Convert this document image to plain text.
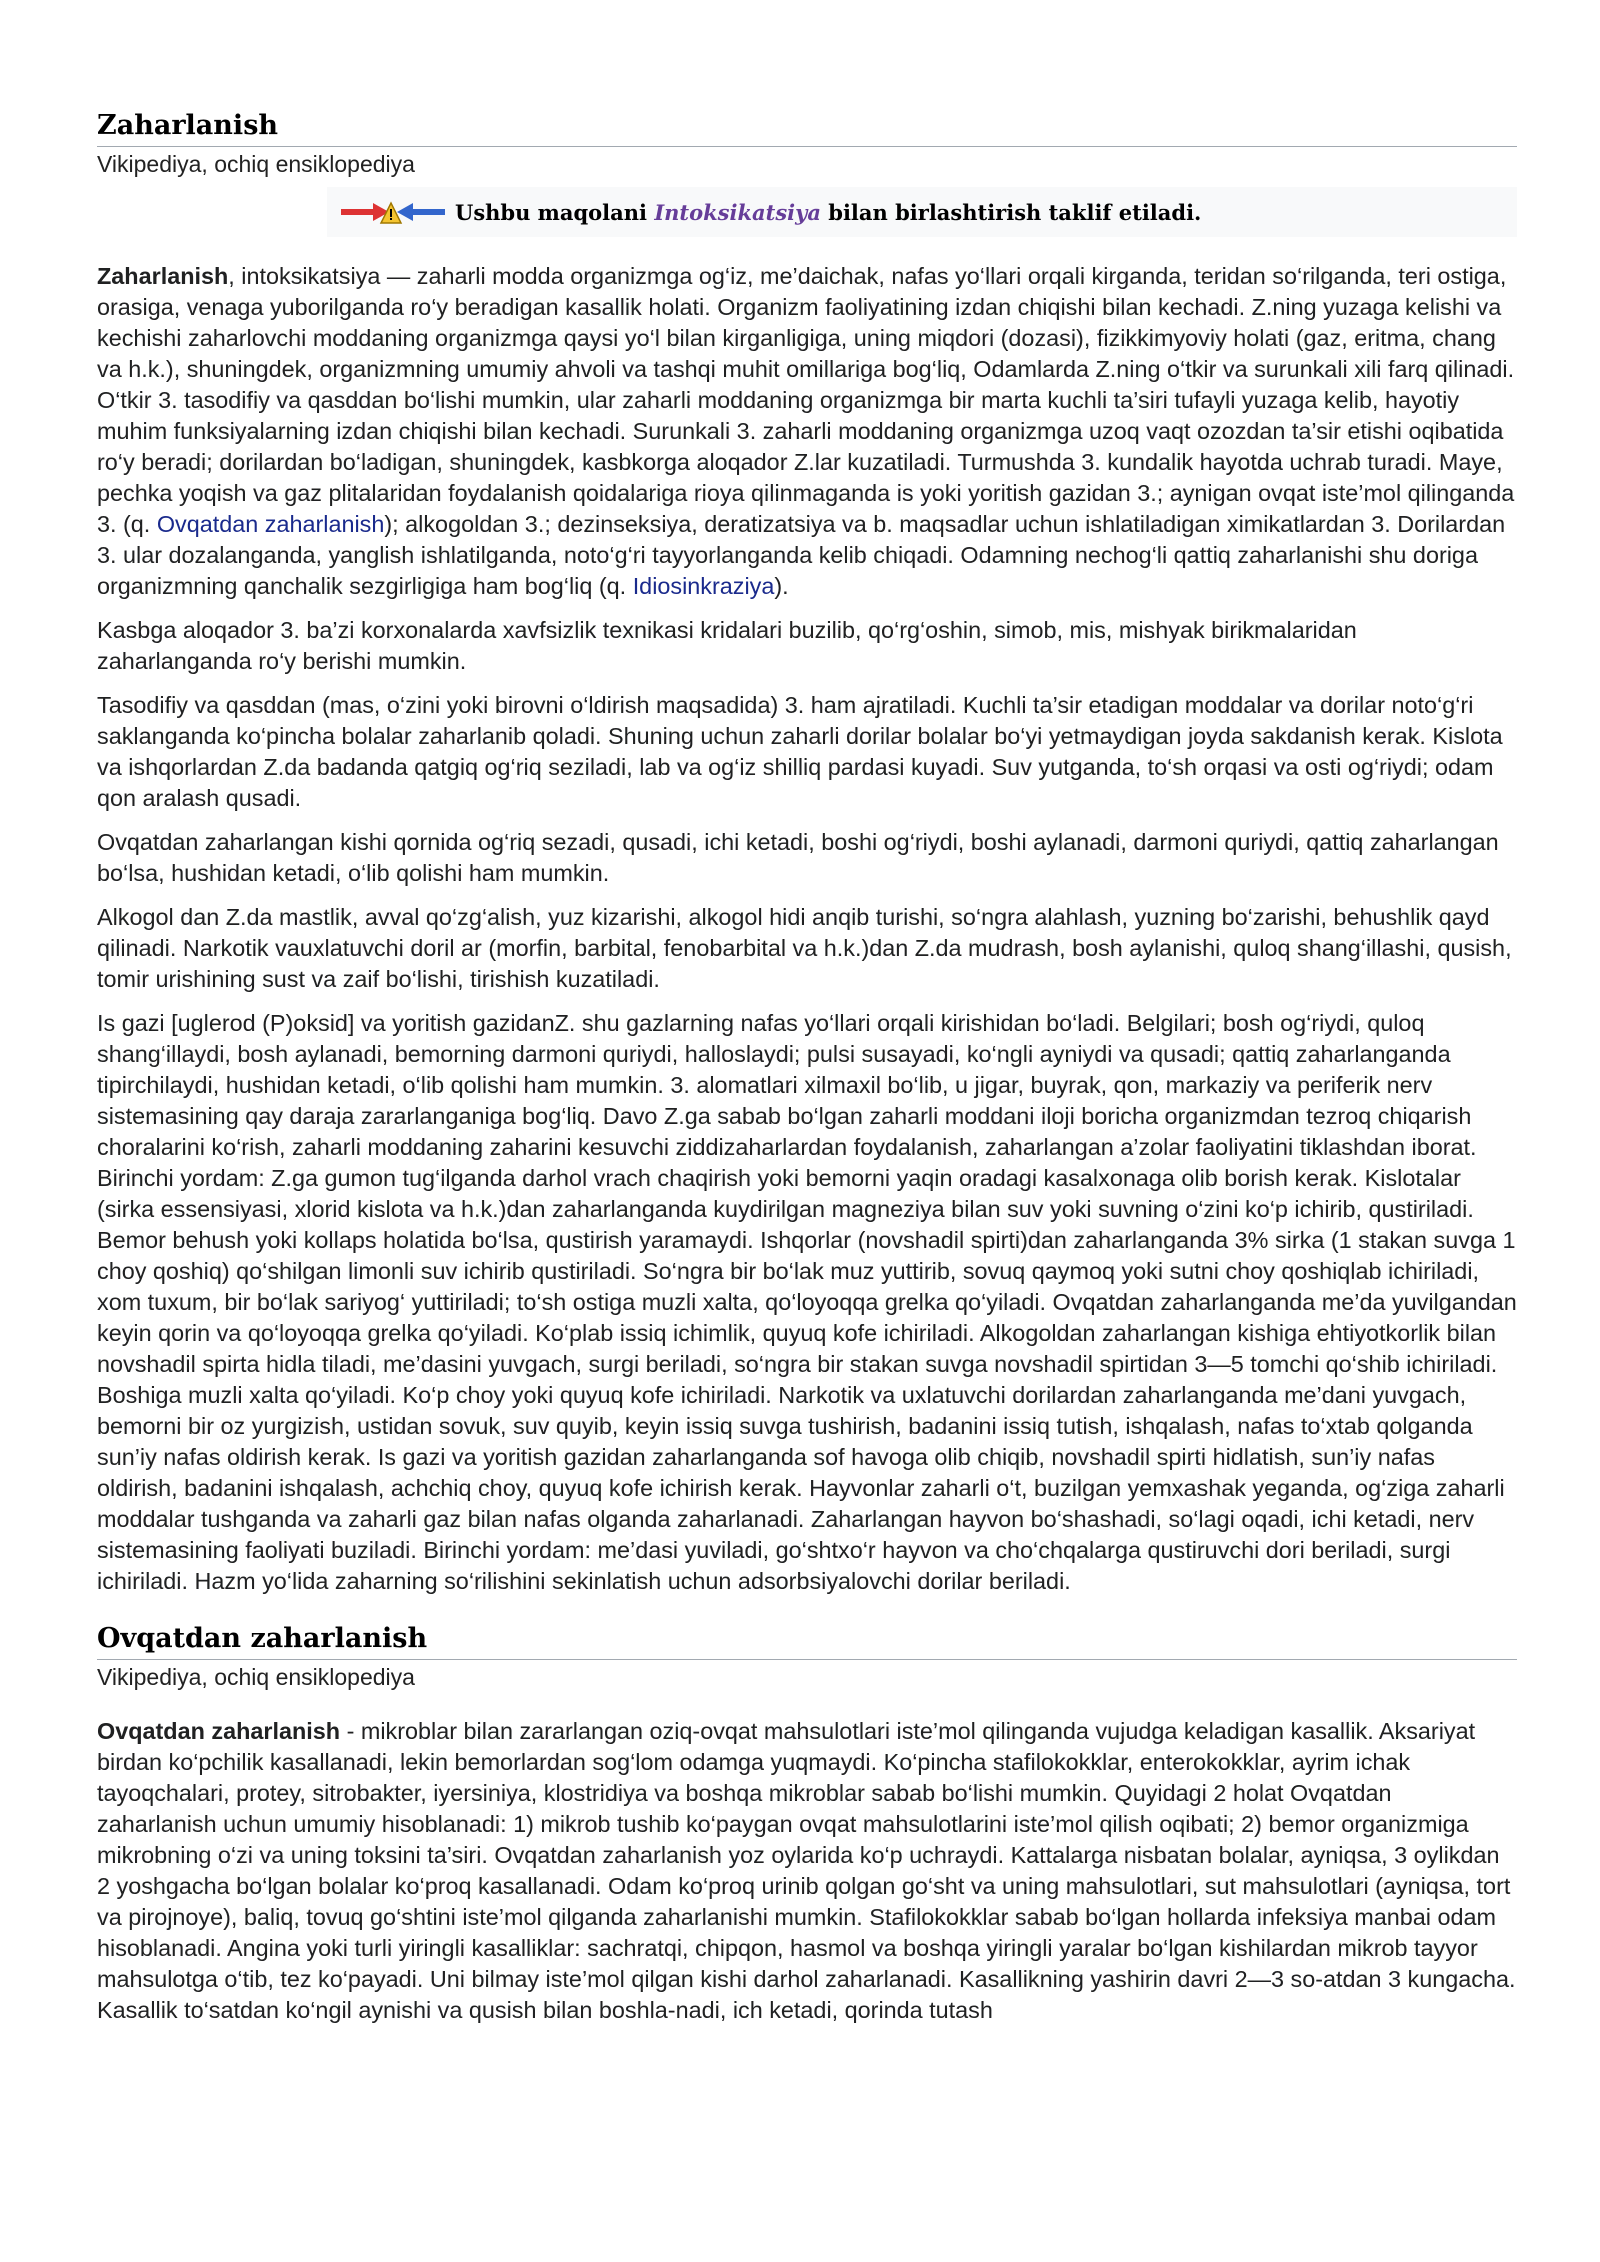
Zaharlanish
Vikipediya, ochiq ensiklopediya
Ushbu maqolani Intoksikatsiya bilan birlashtirish taklif etiladi.

Zaharlanish, intoksikatsiya — zaharli modda organizmga og‘iz, me’daichak, nafas yo‘llari orqali kirganda, teridan so‘rilganda, teri ostiga, orasiga, venaga yuborilganda ro‘y beradigan kasallik holati. Organizm faoliyatining izdan chiqishi bilan kechadi. Z.ning yuzaga kelishi va kechishi zaharlovchi moddaning organizmga qaysi yo‘l bilan kirganligiga, uning miqdori (dozasi), fizikkimyoviy holati (gaz, eritma, chang va h.k.), shuningdek, organizmning umumiy ahvoli va tashqi muhit omillariga bog‘liq, Odamlarda Z.ning o‘tkir va surunkali xili farq qilinadi. O‘tkir 3. tasodifiy va qasddan bo‘lishi mumkin, ular zaharli moddaning organizmga bir marta kuchli ta’siri tufayli yuzaga kelib, hayotiy muhim funksiyalarning izdan chiqishi bilan kechadi. Surunkali 3. zaharli moddaning organizmga uzoq vaqt ozozdan ta’sir etishi oqibatida ro‘y beradi; dorilardan bo‘ladigan, shuningdek, kasbkorga aloqador Z.lar kuzatiladi. Turmushda 3. kundalik hayotda uchrab turadi. Maye, pechka yoqish va gaz plitalaridan foydalanish qoidalariga rioya qilinmaganda is yoki yoritish gazidan 3.; aynigan ovqat iste’mol qilinganda 3. (q. Ovqatdan zaharlanish); alkogoldan 3.; dezinseksiya, deratizatsiya va b. maqsadlar uchun ishlatiladigan ximikatlardan 3. Dorilardan 3. ular dozalanganda, yanglish ishlatilganda, noto‘g‘ri tayyorlanganda kelib chiqadi. Odamning nechog‘li qattiq zaharlanishi shu doriga organizmning qanchalik sezgirligiga ham bog‘liq (q. Idiosinkraziya).

Kasbga aloqador 3. ba’zi korxonalarda xavfsizlik texnikasi kridalari buzilib, qo‘rg‘oshin, simob, mis, mishyak birikmalaridan zaharlanganda ro‘y berishi mumkin.

Tasodifiy va qasddan (mas, o‘zini yoki birovni o‘ldirish maqsadida) 3. ham ajratiladi. Kuchli ta’sir etadigan moddalar va dorilar noto‘g‘ri saklanganda ko‘pincha bolalar zaharlanib qoladi. Shuning uchun zaharli dorilar bolalar bo‘yi yetmaydigan joyda sakdanish kerak. Kislota va ishqorlardan Z.da badanda qatgiq og‘riq seziladi, lab va og‘iz shilliq pardasi kuyadi. Suv yutganda, to‘sh orqasi va osti og‘riydi; odam qon aralash qusadi.

Ovqatdan zaharlangan kishi qornida og‘riq sezadi, qusadi, ichi ketadi, boshi og‘riydi, boshi aylanadi, darmoni quriydi, qattiq zaharlangan bo‘lsa, hushidan ketadi, o‘lib qolishi ham mumkin.

Alkogol dan Z.da mastlik, avval qo‘zg‘alish, yuz kizarishi, alkogol hidi anqib turishi, so‘ngra alahlash, yuzning bo‘zarishi, behushlik qayd qilinadi. Narkotik vauxlatuvchi doril ar (morfin, barbital, fenobarbital va h.k.)dan Z.da mudrash, bosh aylanishi, quloq shang‘illashi, qusish, tomir urishining sust va zaif bo‘lishi, tirishish kuzatiladi.

Is gazi [uglerod (P)oksid] va yoritish gazidanZ. shu gazlarning nafas yo‘llari orqali kirishidan bo‘ladi. Belgilari; bosh og‘riydi, quloq shang‘illaydi, bosh aylanadi, bemorning darmoni quriydi, halloslaydi; pulsi susayadi, ko‘ngli ayniydi va qusadi; qattiq zaharlanganda tipirchilaydi, hushidan ketadi, o‘lib qolishi ham mumkin. 3. alomatlari xilmaxil bo‘lib, u jigar, buyrak, qon, markaziy va periferik nerv sistemasining qay daraja zararlanganiga bog‘liq. Davo Z.ga sabab bo‘lgan zaharli moddani iloji boricha organizmdan tezroq chiqarish choralarini ko‘rish, zaharli moddaning zaharini kesuvchi ziddizaharlardan foydalanish, zaharlangan a’zolar faoliyatini tiklashdan iborat. Birinchi yordam: Z.ga gumon tug‘ilganda darhol vrach chaqirish yoki bemorni yaqin oradagi kasalxonaga olib borish kerak. Kislotalar (sirka essensiyasi, xlorid kislota va h.k.)dan zaharlanganda kuydirilgan magneziya bilan suv yoki suvning o‘zini ko‘p ichirib, qustiriladi. Bemor behush yoki kollaps holatida bo‘lsa, qustirish yaramaydi. Ishqorlar (novshadil spirti)dan zaharlanganda 3% sirka (1 stakan suvga 1 choy qoshiq) qo‘shilgan limonli suv ichirib qustiriladi. So‘ngra bir bo‘lak muz yuttirib, sovuq qaymoq yoki sutni choy qoshiqlab ichiriladi, xom tuxum, bir bo‘lak sariyog‘ yuttiriladi; to‘sh ostiga muzli xalta, qo‘loyoqqa grelka qo‘yiladi. Ovqatdan zaharlanganda me’da yuvilgandan keyin qorin va qo‘loyoqqa grelka qo‘yiladi. Ko‘plab issiq ichimlik, quyuq kofe ichiriladi. Alkogoldan zaharlangan kishiga ehtiyotkorlik bilan novshadil spirta hidla tiladi, me’dasini yuvgach, surgi beriladi, so‘ngra bir stakan suvga novshadil spirtidan 3—5 tomchi qo‘shib ichiriladi. Boshiga muzli xalta qo‘yiladi. Ko‘p choy yoki quyuq kofe ichiriladi. Narkotik va uxlatuvchi dorilardan zaharlanganda me’dani yuvgach, bemorni bir oz yurgizish, ustidan sovuk, suv quyib, keyin issiq suvga tushirish, badanini issiq tutish, ishqalash, nafas to‘xtab qolganda sun’iy nafas oldirish kerak. Is gazi va yoritish gazidan zaharlanganda sof havoga olib chiqib, novshadil spirti hidlatish, sun’iy nafas oldirish, badanini ishqalash, achchiq choy, quyuq kofe ichirish kerak. Hayvonlar zaharli o‘t, buzilgan yemxashak yeganda, og‘ziga zaharli moddalar tushganda va zaharli gaz bilan nafas olganda zaharlanadi. Zaharlangan hayvon bo‘shashadi, so‘lagi oqadi, ichi ketadi, nerv sistemasining faoliyati buziladi. Birinchi yordam: me’dasi yuviladi, go‘shtxo‘r hayvon va cho‘chqalarga qustiruvchi dori beriladi, surgi ichiriladi. Hazm yo‘lida zaharning so‘rilishini sekinlatish uchun adsorbsiyalovchi dorilar beriladi.

Ovqatdan zaharlanish
Vikipediya, ochiq ensiklopediya

Ovqatdan zaharlanish - mikroblar bilan zararlangan oziq-ovqat mahsulotlari iste’mol qilinganda vujudga keladigan kasallik. Aksariyat birdan ko‘pchilik kasallanadi, lekin bemorlardan sog‘lom odamga yuqmaydi. Ko‘pincha stafilokokklar, enterokokklar, ayrim ichak tayoqchalari, protey, sitrobakter, iyersiniya, klostridiya va boshqa mikroblar sabab bo‘lishi mumkin. Quyidagi 2 holat Ovqatdan zaharlanish uchun umumiy hisoblanadi: 1) mikrob tushib ko‘paygan ovqat mahsulotlarini iste’mol qilish oqibati; 2) bemor organizmiga mikrobning o‘zi va uning toksini ta’siri. Ovqatdan zaharlanish yoz oylarida ko‘p uchraydi. Kattalarga nisbatan bolalar, ayniqsa, 3 oylikdan 2 yoshgacha bo‘lgan bolalar ko‘proq kasallanadi. Odam ko‘proq urinib qolgan go‘sht va uning mahsulotlari, sut mahsulotlari (ayniqsa, tort va pirojnoye), baliq, tovuq go‘shtini iste’mol qilganda zaharlanishi mumkin. Stafilokokklar sabab bo‘lgan hollarda infeksiya manbai odam hisoblanadi. Angina yoki turli yiringli kasalliklar: sachratqi, chipqon, hasmol va boshqa yiringli yaralar bo‘lgan kishilardan mikrob tayyor mahsulotga o‘tib, tez ko‘payadi. Uni bilmay iste’mol qilgan kishi darhol zaharlanadi. Kasallikning yashirin davri 2—3 so-atdan 3 kungacha. Kasallik to‘satdan ko‘ngil aynishi va qusish bilan boshla-nadi, ich ketadi, qorinda tutash
